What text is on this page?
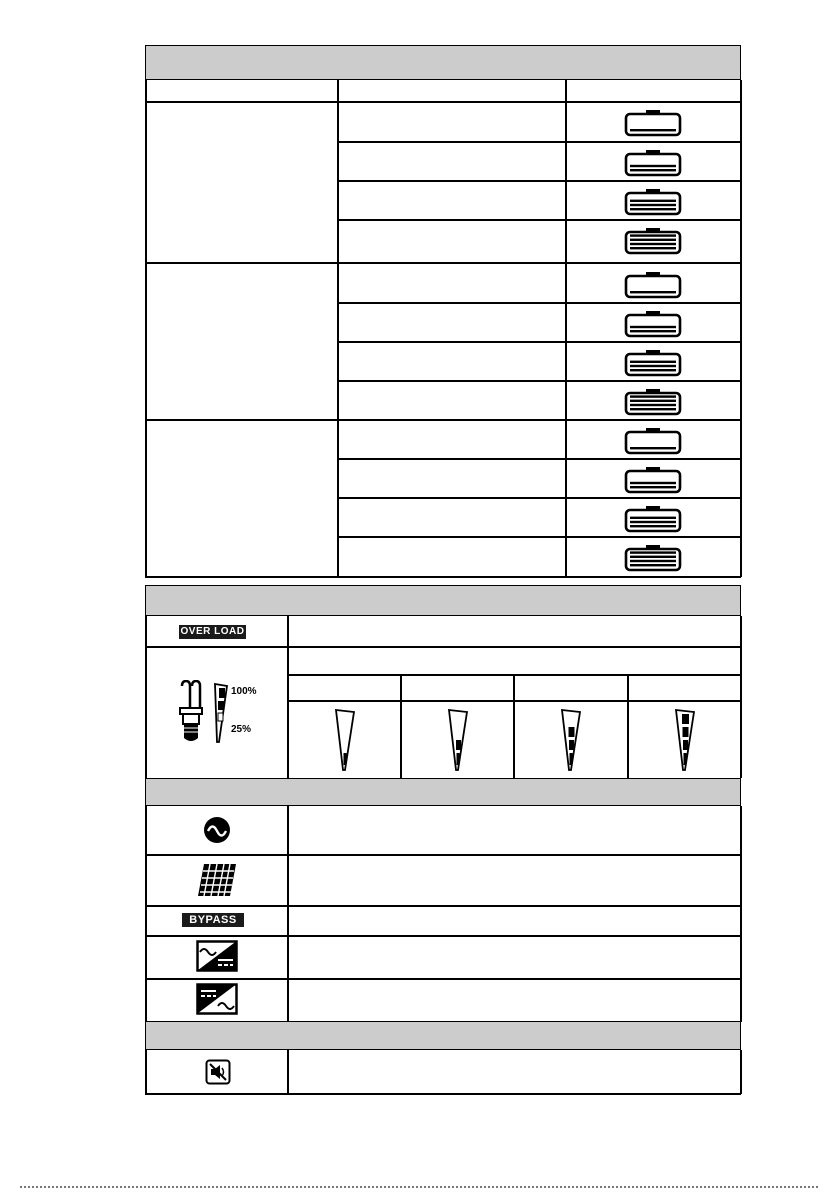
OVER LOAD
100%
25%
BYPASS
